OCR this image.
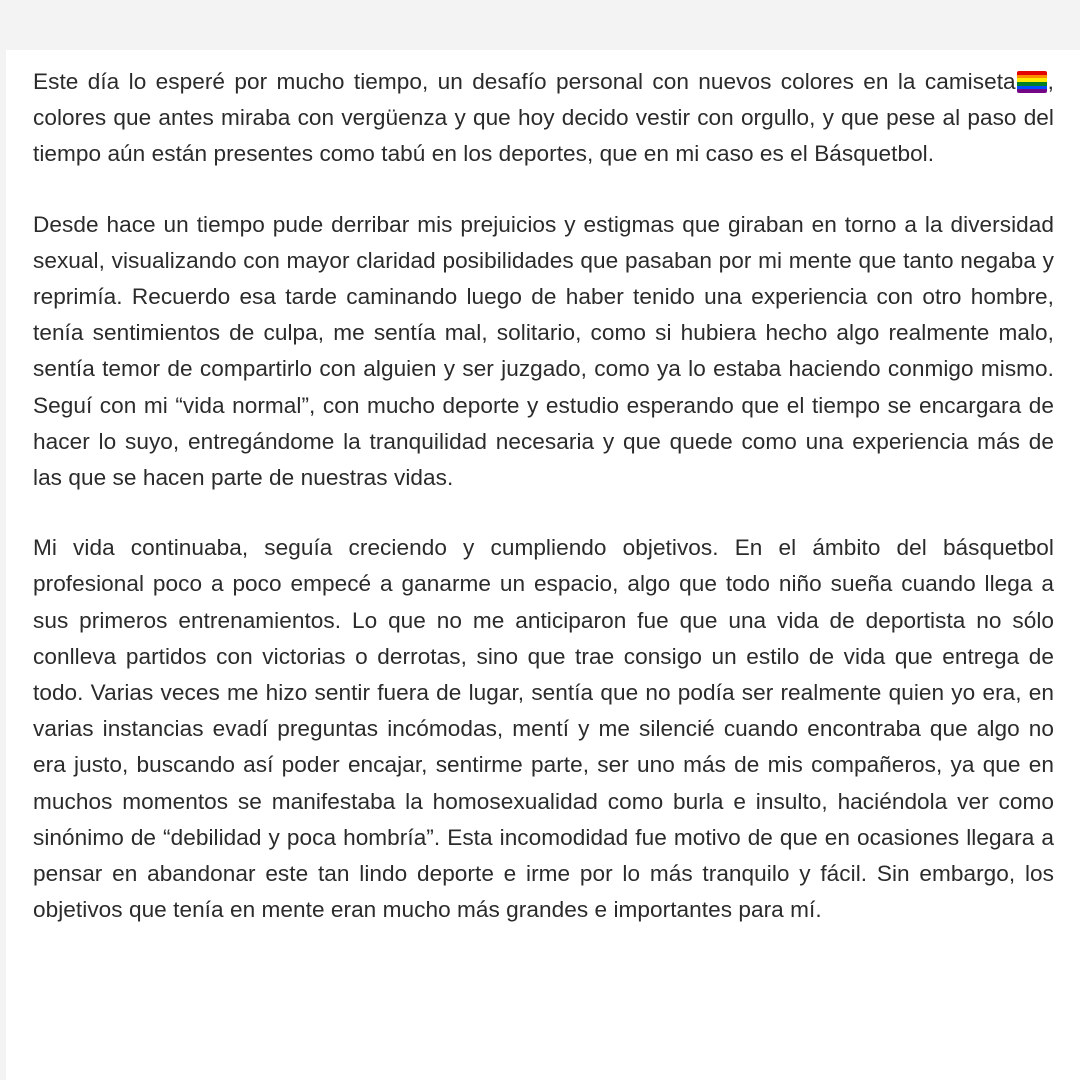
Este día lo esperé por mucho tiempo, un desafío personal con nuevos colores en la camiseta , colores que antes miraba con vergüenza y que hoy decido vestir con orgullo, y que pese al paso del tiempo aún están presentes como tabú en los deportes, que en mi caso es el Básquetbol.

Desde hace un tiempo pude derribar mis prejuicios y estigmas que giraban en torno a la diversidad sexual, visualizando con mayor claridad posibilidades que pasaban por mi mente que tanto negaba y reprimía. Recuerdo esa tarde caminando luego de haber tenido una experiencia con otro hombre, tenía sentimientos de culpa, me sentía mal, solitario, como si hubiera hecho algo realmente malo, sentía temor de compartirlo con alguien y ser juzgado, como ya lo estaba haciendo conmigo mismo. Seguí con mi “vida normal”, con mucho deporte y estudio esperando que el tiempo se encargara de hacer lo suyo, entregándome la tranquilidad necesaria y que quede como una experiencia más de las que se hacen parte de nuestras vidas.

Mi vida continuaba, seguía creciendo y cumpliendo objetivos. En el ámbito del básquetbol profesional poco a poco empecé a ganarme un espacio, algo que todo niño sueña cuando llega a sus primeros entrenamientos. Lo que no me anticiparon fue que una vida de deportista no sólo conlleva partidos con victorias o derrotas, sino que trae consigo un estilo de vida que entrega de todo. Varias veces me hizo sentir fuera de lugar, sentía que no podía ser realmente quien yo era, en varias instancias evadí preguntas incómodas, mentí y me silencié cuando encontraba que algo no era justo, buscando así poder encajar, sentirme parte, ser uno más de mis compañeros, ya que en muchos momentos se manifestaba la homosexualidad como burla e insulto, haciéndola ver como sinónimo de “debilidad y poca hombría”. Esta incomodidad fue motivo de que en ocasiones llegara a pensar en abandonar este tan lindo deporte e irme por lo más tranquilo y fácil. Sin embargo, los objetivos que tenía en mente eran mucho más grandes e importantes para mí.
